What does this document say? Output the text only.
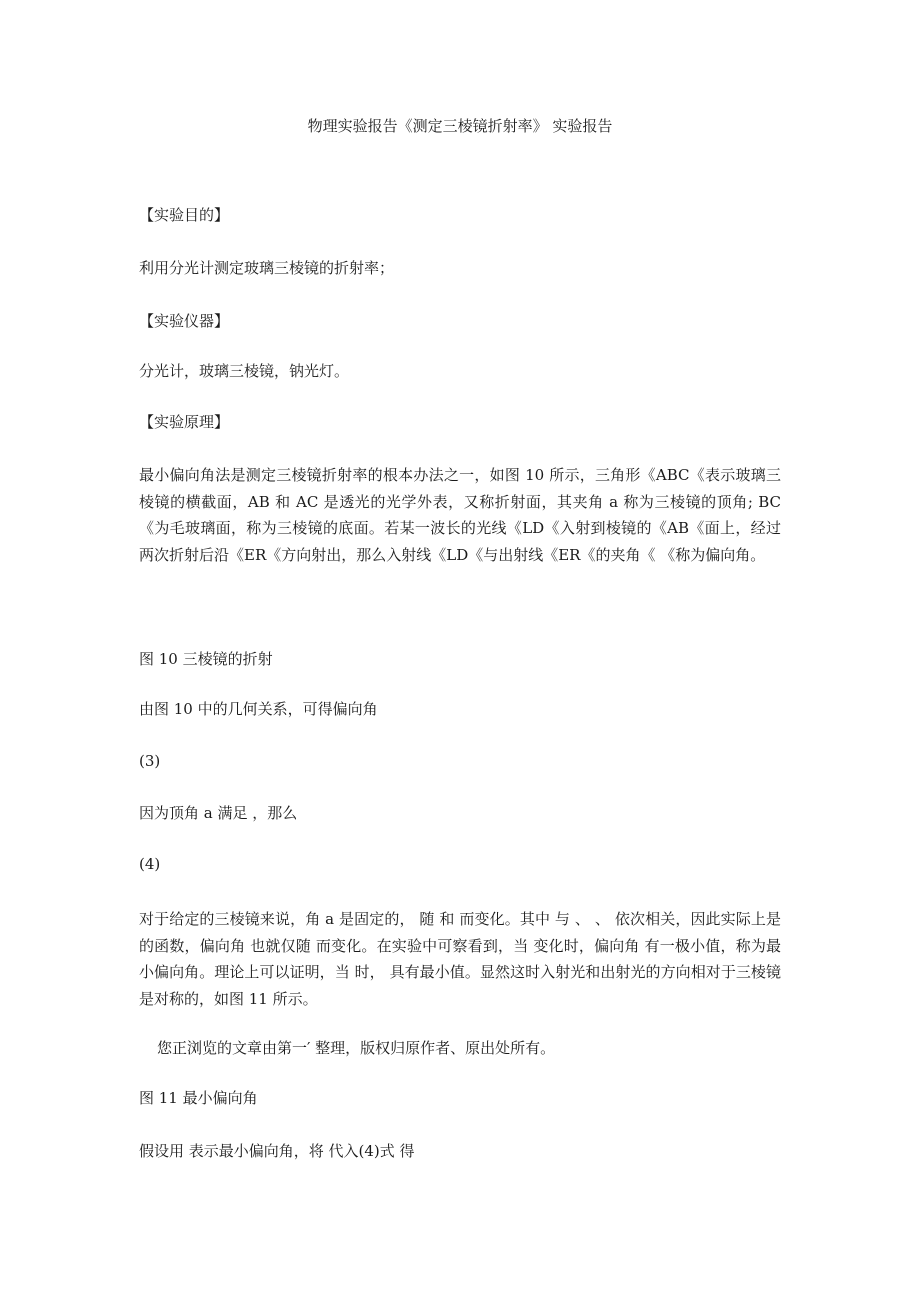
物理实验报告《测定三棱镜折射率》 实验报告
【实验目的】
利用分光计测定玻璃三棱镜的折射率；
【实验仪器】
分光计，玻璃三棱镜，钠光灯。
【实验原理】
最小偏向角法是测定三棱镜折射率的根本办法之一，如图 10 所示，三角形《ABC《表示玻璃三棱镜的横截面，AB 和 AC 是透光的光学外表，又称折射面，其夹角 a 称为三棱镜的顶角; BC《为毛玻璃面，称为三棱镜的底面。若某一波长的光线《LD《入射到棱镜的《AB《面上，经过两次折射后沿《ER《方向射出，那么入射线《LD《与出射线《ER《的夹角《 《称为偏向角。
图 10 三棱镜的折射
由图 10 中的几何关系，可得偏向角
(3)
因为顶角 a 满足 ，那么
(4)
对于给定的三棱镜来说，角 a 是固定的， 随 和 而变化。其中 与 、 、 依次相关，因此实际上是 的函数，偏向角 也就仅随 而变化。在实验中可察看到，当 变化时，偏向角 有一极小值，称为最小偏向角。理论上可以证明，当 时， 具有最小值。显然这时入射光和出射光的方向相对于三棱镜是对称的，如图 11 所示。
您正浏览的文章由第一′ 整理，版权归原作者、原出处所有。
图 11 最小偏向角
假设用 表示最小偏向角，将 代入(4)式 得
